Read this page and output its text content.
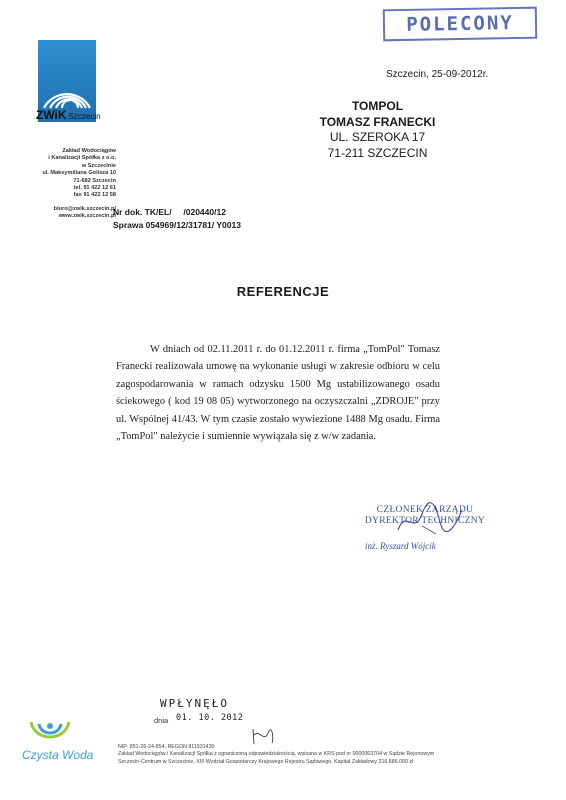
POLECONY
ZWiK Szczecin
Zakład Wodociągów
i Kanalizacji Spółka z o.o.
w Szczecinie
ul. Maksymiliana Golisza 10
71-682 Szczecin
tel. 91 422 12 61
fax 91 422 12 58
biuro@zwik.szczecin.pl
www.zwik.szczecin.pl
Nr dok. TK/EL/ /020440/12
Sprawa 054969/12/31781/ Y0013
Szczecin, 25-09-2012r.
TOMPOL
TOMASZ FRANECKI
UL. SZEROKA 17
71-211 SZCZECIN
REFERENCJE

W dniach od 02.11.2011 r. do 01.12.2011 r. firma „TomPol" Tomasz Franecki realizowała umowę na wykonanie usługi w zakresie odbioru w celu zagospodarowania w ramach odzysku 1500 Mg ustabilizowanego osadu ściekowego ( kod 19 08 05) wytworzonego na oczyszczalni „ZDROJE" przy ul. Wspólnej 41/43. W tym czasie zostało wywiezione 1488 Mg osadu. Firma „TomPol" należycie i sumiennie wywiązała się z w/w zadania.

CZŁONEK ZARZĄDU
DYREKTOR TECHNICZNY
inż. Ryszard Wójcik
WPŁYNĘŁO
dnia 01. 10. 2012
Czysta Woda
NIP: 851-26-24-854, REGON 811931430
Zakład Wodociągów i Kanalizacji Spółka z ograniczoną odpowiedzialnością, wpisana w KRS pod nr 0000063704 w Sądzie Rejonowym
Szczecin-Centrum w Szczecinie, XIII Wydział Gospodarczy Krajowego Rejestru Sądowego. Kapitał Zakładowy 216.686.000 zł
